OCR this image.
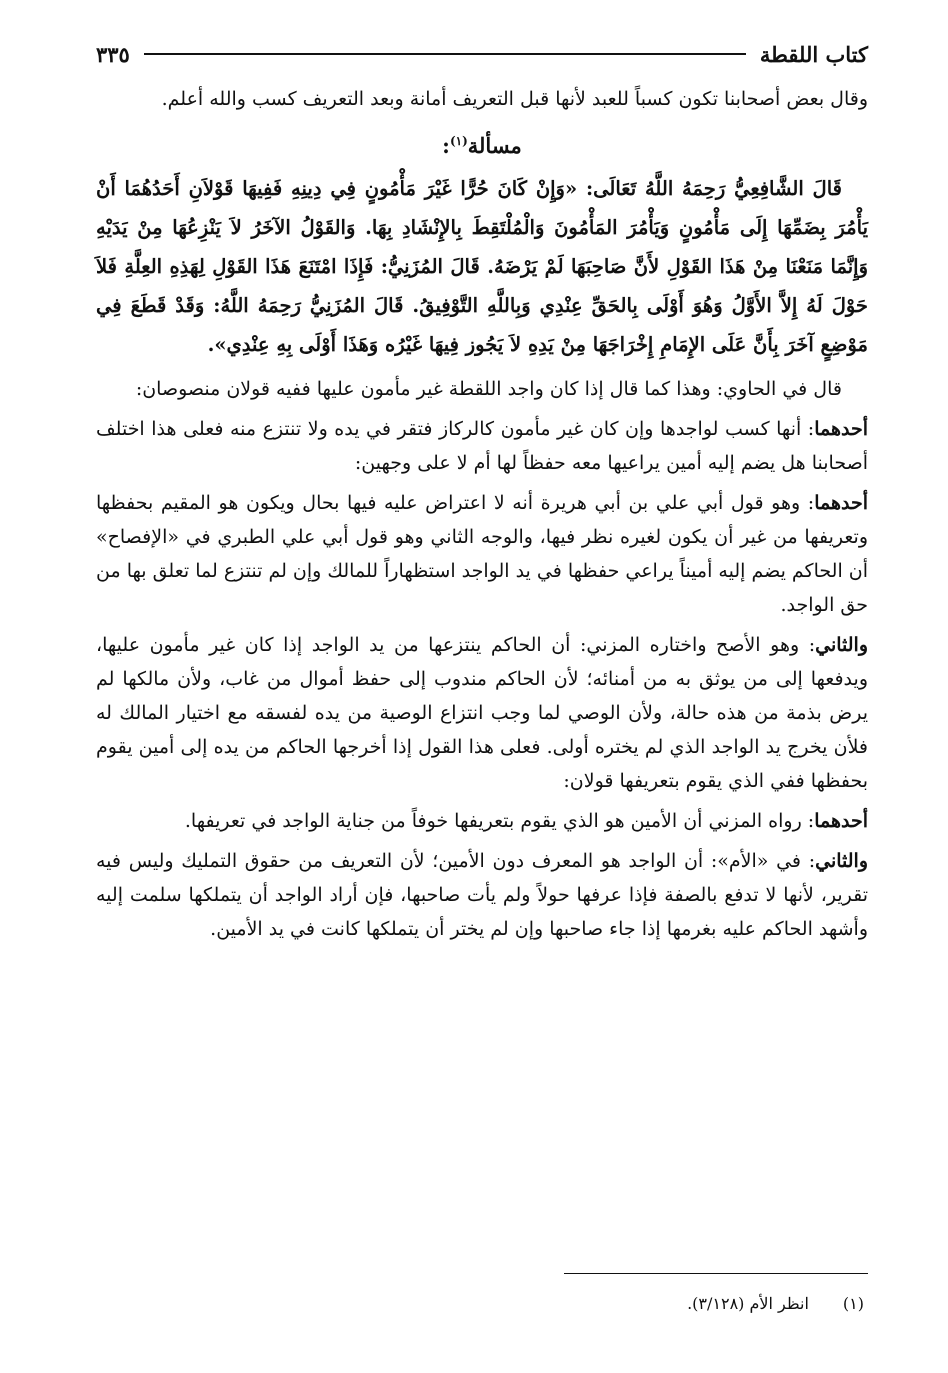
كتاب اللقطة
٣٣٥

وقال بعض أصحابنا تكون كسباً للعبد لأنها قبل التعريف أمانة وبعد التعريف كسب والله أعلم.

مسألة$^{(١)}$:

قَالَ الشَّافِعِيُّ رَحِمَهُ اللَّهُ تَعَالَى: «وَإِنْ كَانَ حُرًّا غَيْرَ مَأْمُونٍ فِي دِينِهِ فَفِيهَا قَوْلاَنِ أَحَدُهُمَا أَنْ يَأْمُرَ بِضَمِّهَا إِلَى مَأْمُونٍ وَيَأْمُرَ المَأْمُونَ وَالْمُلْتَقِطَ بِالإِنْشَادِ بِهَا. وَالقَوْلُ الآخَرُ لاَ يَنْزِعُهَا مِنْ يَدَيْهِ وَإِنَّمَا مَنَعْنَا مِنْ هَذَا القَوْلِ لأَنَّ صَاحِبَهَا لَمْ يَرْضَهُ. قَالَ المُزَنِيُّ: فَإِذَا امْتَنَعَ هَذَا القَوْلِ لِهَذِهِ العِلَّةِ فَلاَ حَوْلَ لَهُ إِلاَّ الأَوَّلُ وَهُوَ أَوْلَى بِالحَقِّ عِنْدِي وَبِاللَّهِ التَّوْفِيقُ. قَالَ المُزَنِيُّ رَحِمَهُ اللَّهُ: وَقَدْ قَطَعَ فِي مَوْضِعٍ آخَرَ بِأَنَّ عَلَى الإِمَامِ إِخْرَاجَهَا مِنْ يَدِهِ لاَ يَجُوز فِيهَا غَيْرُه وَهَذَا أَوْلَى بِهِ عِنْدِي».

قال في الحاوي: وهذا كما قال إذا كان واجد اللقطة غير مأمون عليها ففيه قولان منصوصان:

أحدهما: أنها كسب لواجدها وإن كان غير مأمون كالركاز فتقر في يده ولا تنتزع منه فعلى هذا اختلف أصحابنا هل يضم إليه أمين يراعيها معه حفظاً لها أم لا على وجهين:

أحدهما: وهو قول أبي علي بن أبي هريرة أنه لا اعتراض عليه فيها بحال ويكون هو المقيم بحفظها وتعريفها من غير أن يكون لغيره نظر فيها، والوجه الثاني وهو قول أبي علي الطبري في «الإفصاح» أن الحاكم يضم إليه أميناً يراعي حفظها في يد الواجد استظهاراً للمالك وإن لم تنتزع لما تعلق بها من حق الواجد.

والثاني: وهو الأصح واختاره المزني: أن الحاكم ينتزعها من يد الواجد إذا كان غير مأمون عليها، ويدفعها إلى من يوثق به من أمنائه؛ لأن الحاكم مندوب إلى حفظ أموال من غاب، ولأن مالكها لم يرض بذمة من هذه حالة، ولأن الوصي لما وجب انتزاع الوصية من يده لفسقه مع اختيار المالك له فلأن يخرج يد الواجد الذي لم يختره أولى. فعلى هذا القول إذا أخرجها الحاكم من يده إلى أمين يقوم بحفظها ففي الذي يقوم بتعريفها قولان:

أحدهما: رواه المزني أن الأمين هو الذي يقوم بتعريفها خوفاً من جناية الواجد في تعريفها.

والثاني: في «الأم»: أن الواجد هو المعرف دون الأمين؛ لأن التعريف من حقوق التمليك وليس فيه تقرير، لأنها لا تدفع بالصفة فإذا عرفها حولاً ولم يأت صاحبها، فإن أراد الواجد أن يتملكها سلمت إليه وأشهد الحاكم عليه بغرمها إذا جاء صاحبها وإن لم يختر أن يتملكها كانت في يد الأمين.

(١)انظر الأم (٣/١٢٨).
